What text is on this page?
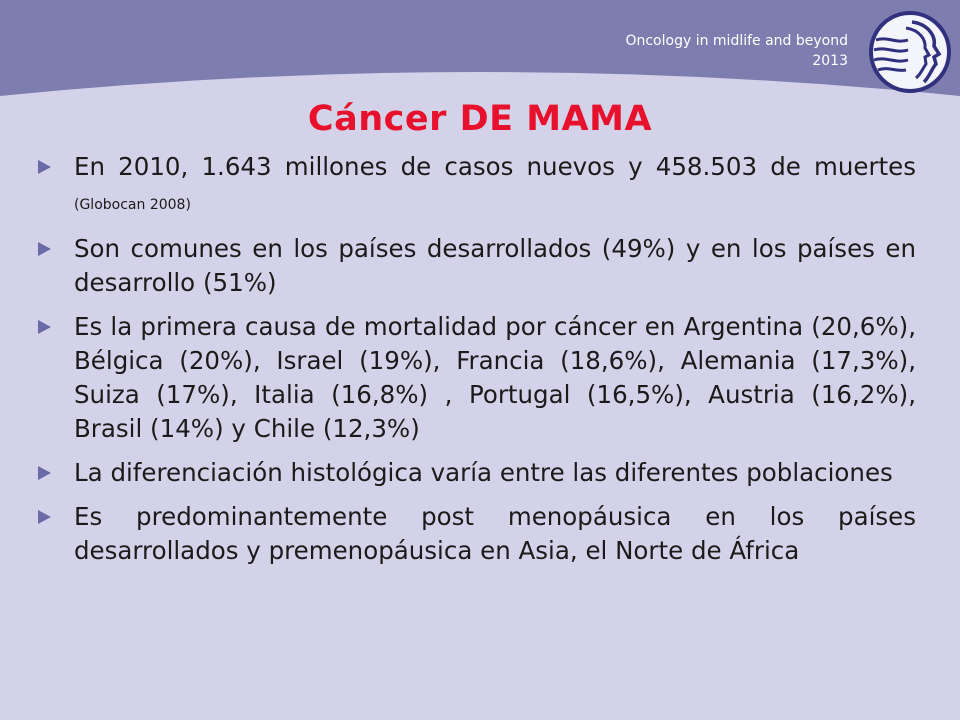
Oncology in midlife and beyond
2013
Cáncer DE MAMA
En 2010, 1.643 millones de casos nuevos y 458.503 de muertes (Globocan 2008)
Son comunes en los países desarrollados (49%) y en los países en desarrollo (51%)
Es la primera causa de mortalidad por cáncer en Argentina (20,6%), Bélgica (20%), Israel (19%), Francia (18,6%), Alemania (17,3%), Suiza (17%), Italia (16,8%) , Portugal (16,5%), Austria (16,2%), Brasil (14%) y Chile (12,3%)
La diferenciación histológica varía entre las diferentes poblaciones
Es predominantemente post menopáusica en los países desarrollados y premenopáusica en Asia, el Norte de África
